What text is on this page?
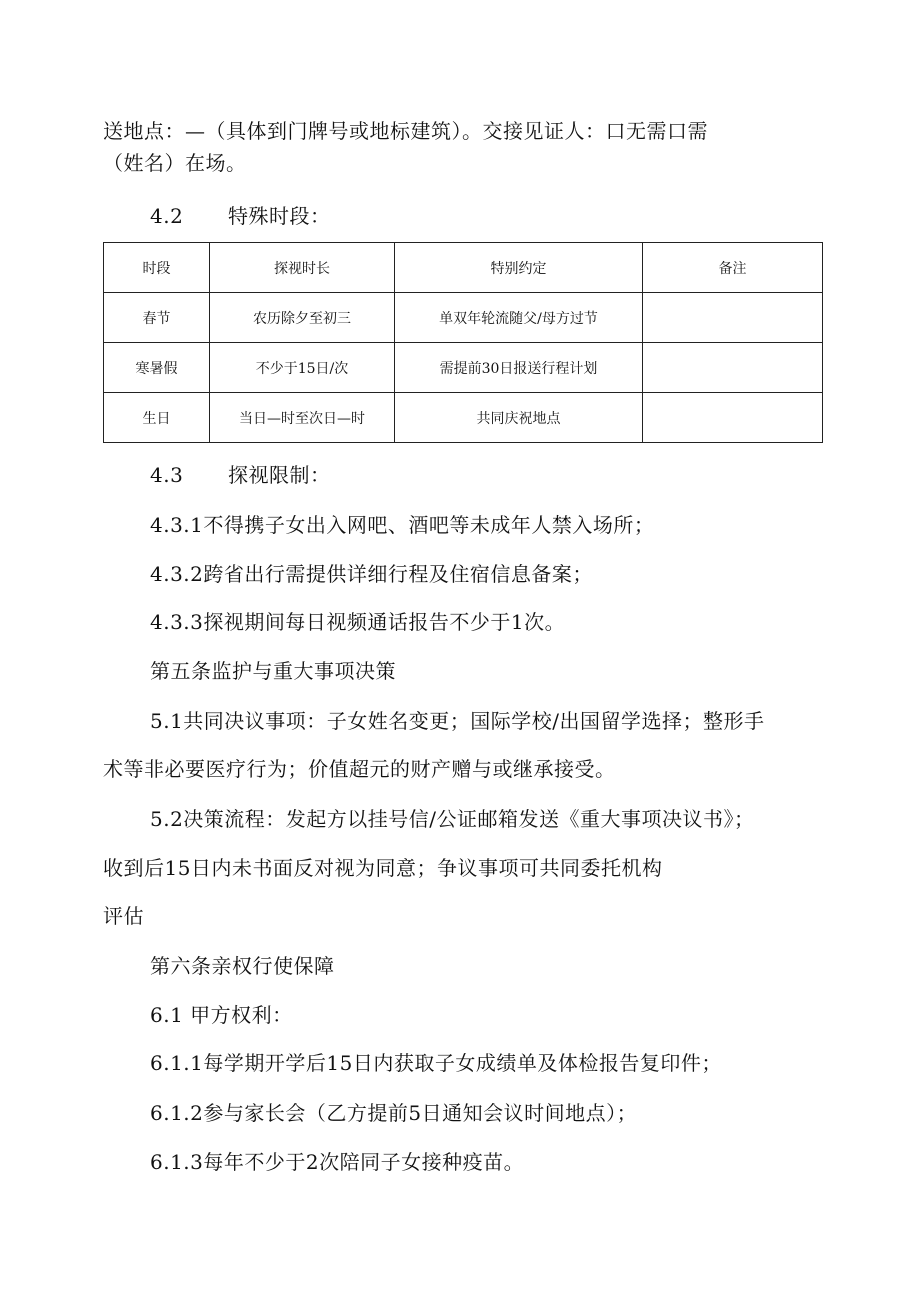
送地点：—（具体到门牌号或地标建筑）。交接见证人：口无需口需
（姓名）在场。
4.2 特殊时段：
时段	探视时长	特别约定	备注
春节	农历除夕至初三	单双年轮流随父/母方过节	
寒暑假	不少于15日/次	需提前30日报送行程计划	
生日	当日—时至次日—时	共同庆祝地点	
4.3 探视限制：
4.3.1不得携子女出入网吧、酒吧等未成年人禁入场所；
4.3.2跨省出行需提供详细行程及住宿信息备案；
4.3.3探视期间每日视频通话报告不少于1次。
第五条监护与重大事项决策
5.1共同决议事项：子女姓名变更；国际学校/出国留学选择；整形手
术等非必要医疗行为；价值超元的财产赠与或继承接受。
5.2决策流程：发起方以挂号信/公证邮箱发送《重大事项决议书》；
收到后15日内未书面反对视为同意；争议事项可共同委托机构
评估
第六条亲权行使保障
6.1 甲方权利：
6.1.1每学期开学后15日内获取子女成绩单及体检报告复印件；
6.1.2参与家长会（乙方提前5日通知会议时间地点）；
6.1.3每年不少于2次陪同子女接种疫苗。
